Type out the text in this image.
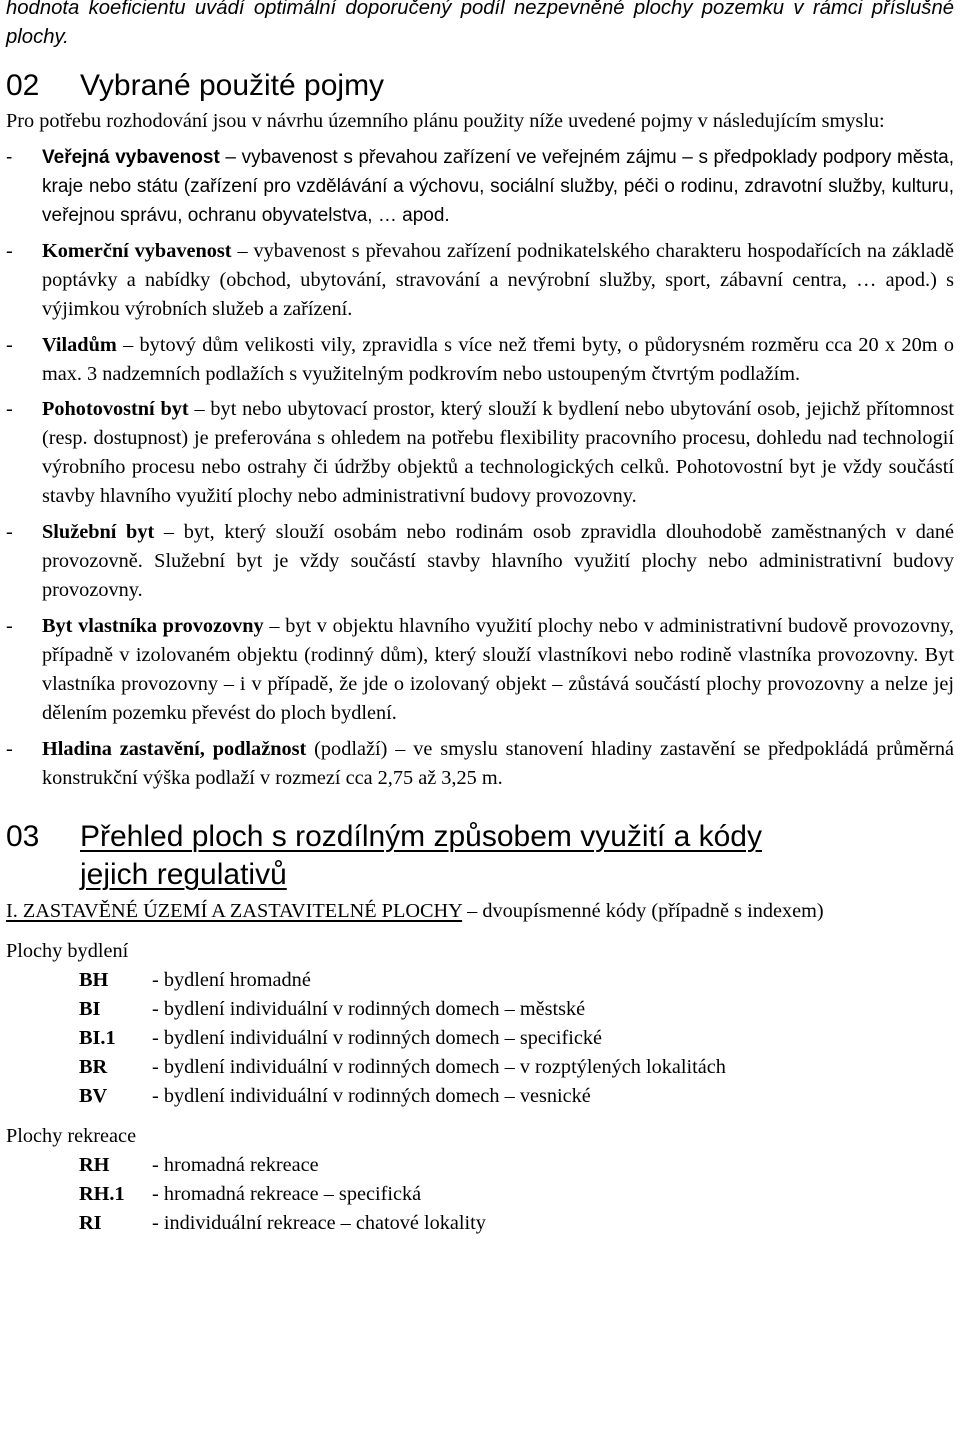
hodnota koeficientu uvádí optimální doporučený podíl nezpevněné plochy pozemku v rámci příslušné plochy.

02	Vybrané použité pojmy

Pro potřebu rozhodování jsou v návrhu územního plánu použity níže uvedené pojmy v následujícím smyslu:

-	Veřejná vybavenost – vybavenost s převahou zařízení ve veřejném zájmu – s předpoklady podpory města, kraje nebo státu (zařízení pro vzdělávání a výchovu, sociální služby, péči o rodinu, zdravotní služby, kulturu, veřejnou správu, ochranu obyvatelstva, … apod.
-	Komerční vybavenost – vybavenost s převahou zařízení podnikatelského charakteru hospodařících na základě poptávky a nabídky (obchod, ubytování, stravování a nevýrobní služby, sport, zábavní centra, … apod.) s výjimkou výrobních služeb a zařízení.
-	Viladům – bytový dům velikosti vily, zpravidla s více než třemi byty, o půdorysném rozměru cca 20 x 20m o max. 3 nadzemních podlažích s využitelným podkrovím nebo ustoupeným čtvrtým podlažím.
-	Pohotovostní byt – byt nebo ubytovací prostor, který slouží k bydlení nebo ubytování osob, jejichž přítomnost (resp. dostupnost) je preferována s ohledem na potřebu flexibility pracovního procesu, dohledu nad technologií výrobního procesu nebo ostrahy či údržby objektů a technologických celků. Pohotovostní byt je vždy součástí stavby hlavního využití plochy nebo administrativní budovy provozovny.
-	Služební byt – byt, který slouží osobám nebo rodinám osob zpravidla dlouhodobě zaměstnaných v dané provozovně. Služební byt je vždy součástí stavby hlavního využití plochy nebo administrativní budovy provozovny.
-	Byt vlastníka provozovny – byt v objektu hlavního využití plochy nebo v administrativní budově provozovny, případně v izolovaném objektu (rodinný dům), který slouží vlastníkovi nebo rodině vlastníka provozovny. Byt vlastníka provozovny – i v případě, že jde o izolovaný objekt – zůstává součástí plochy provozovny a nelze jej dělením pozemku převést do ploch bydlení.
-	Hladina zastavění, podlažnost (podlaží) – ve smyslu stanovení hladiny zastavění se předpokládá průměrná konstrukční výška podlaží v rozmezí cca 2,75 až 3,25 m.
03	Přehled ploch s rozdílným způsobem využití a kódy
jejich regulativů

I. ZASTAVĚNÉ ÚZEMÍ A ZASTAVITELNÉ PLOCHY – dvoupísmenné kódy (případně s indexem)

Plochy bydlení

BH	- bydlení hromadné
BI	- bydlení individuální v rodinných domech – městské
BI.1	- bydlení individuální v rodinných domech – specifické
BR	- bydlení individuální v rodinných domech – v rozptýlených lokalitách
BV	- bydlení individuální v rodinných domech – vesnické

Plochy rekreace

RH	- hromadná rekreace
RH.1	- hromadná rekreace – specifická
RI	- individuální rekreace – chatové lokality
